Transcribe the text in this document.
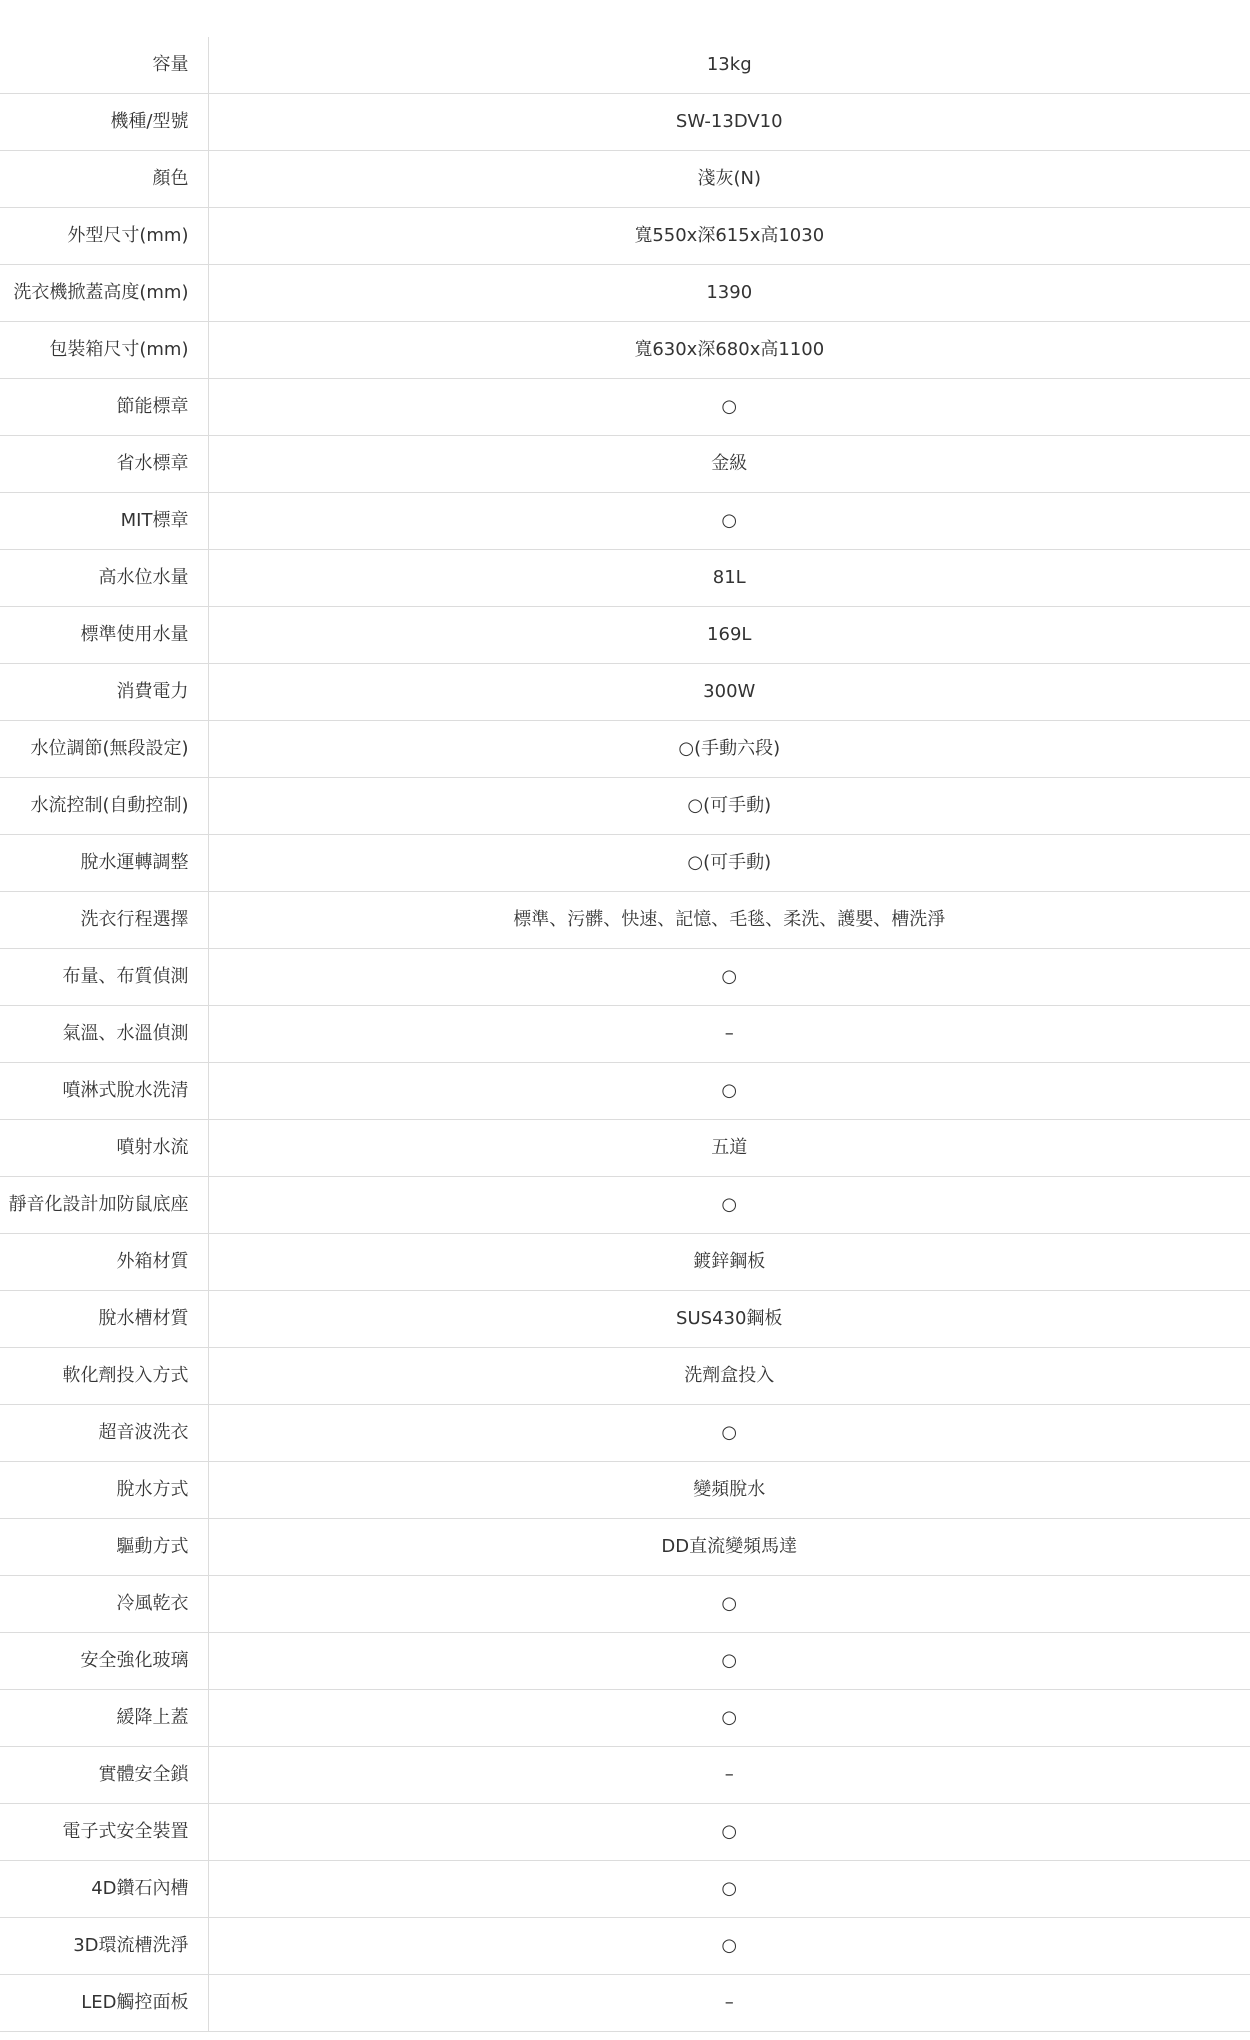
容量	13kg
機種/型號	SW-13DV10
顏色	淺灰(N)
外型尺寸(mm)	寬550x深615x高1030
洗衣機掀蓋高度(mm)	1390
包裝箱尺寸(mm)	寬630x深680x高1100
節能標章	○
省水標章	金級
MIT標章	○
高水位水量	81L
標準使用水量	169L
消費電力	300W
水位調節(無段設定)	○(手動六段)
水流控制(自動控制)	○(可手動)
脫水運轉調整	○(可手動)
洗衣行程選擇	標準、污髒、快速、記憶、毛毯、柔洗、護嬰、槽洗淨
布量、布質偵測	○
氣溫、水溫偵測	–
噴淋式脫水洗清	○
噴射水流	五道
靜音化設計加防鼠底座	○
外箱材質	鍍鋅鋼板
脫水槽材質	SUS430鋼板
軟化劑投入方式	洗劑盒投入
超音波洗衣	○
脫水方式	變頻脫水
驅動方式	DD直流變頻馬達
冷風乾衣	○
安全強化玻璃	○
緩降上蓋	○
實體安全鎖	–
電子式安全裝置	○
4D鑽石內槽	○
3D環流槽洗淨	○
LED觸控面板	–
